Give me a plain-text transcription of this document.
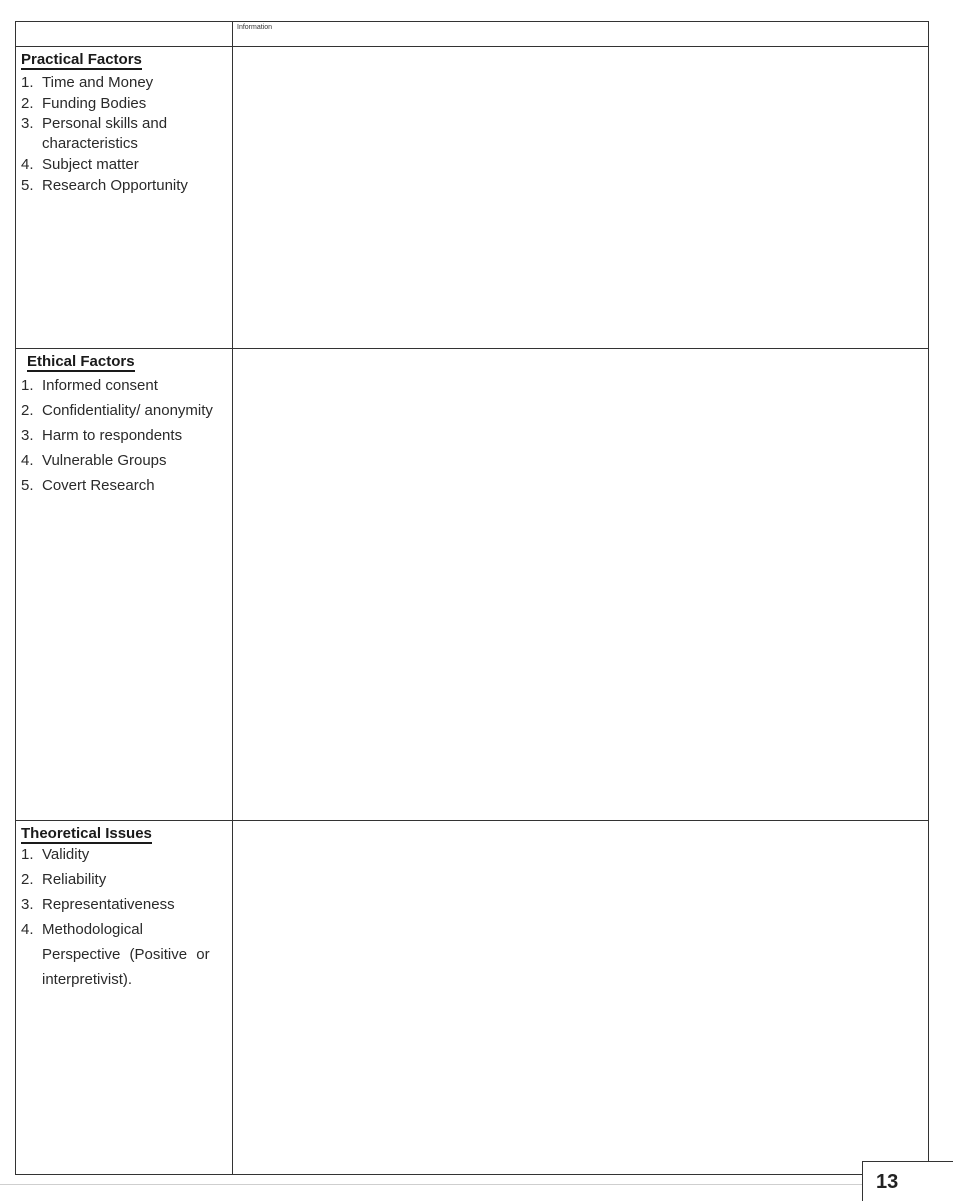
Information
Practical Factors
1. Time and Money
2. Funding Bodies
3. Personal skills and characteristics
4. Subject matter
5. Research Opportunity
Ethical Factors
1. Informed consent
2. Confidentiality/ anonymity
3. Harm to respondents
4. Vulnerable Groups
5. Covert Research
Theoretical Issues
1. Validity
2. Reliability
3. Representativeness
4. Methodological Perspective (Positive or interpretivist).
13
